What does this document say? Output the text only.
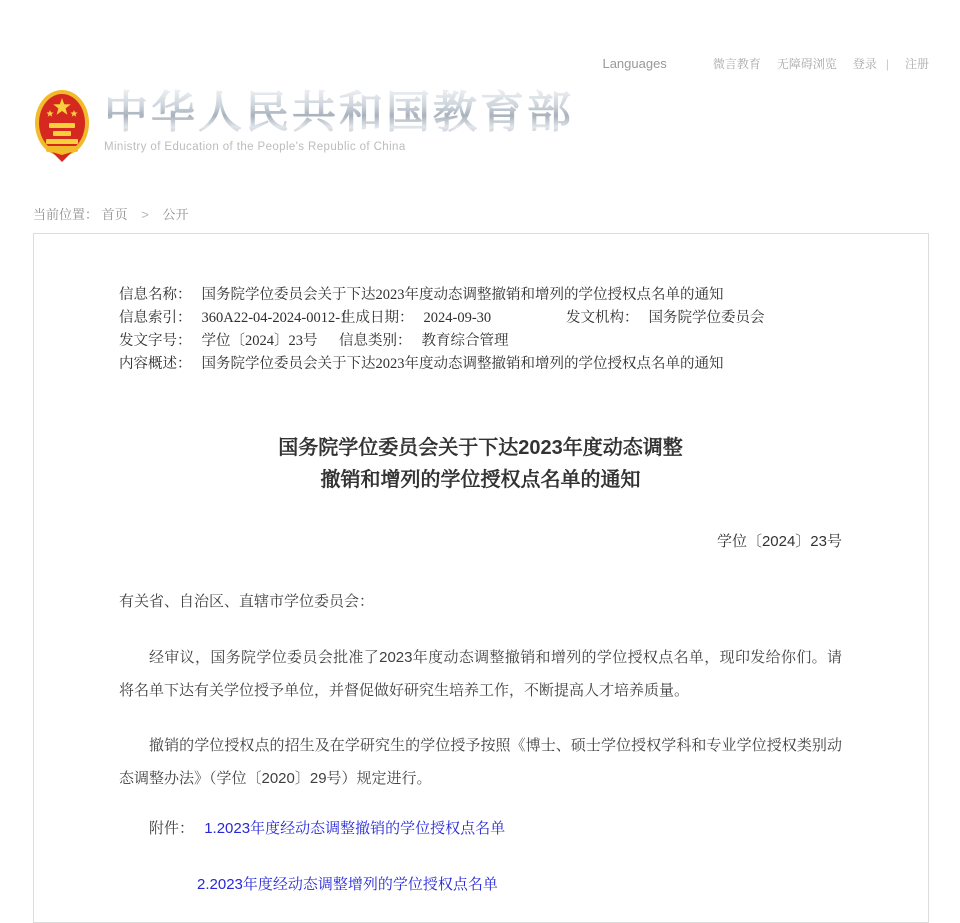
Languages	微言教育 无障碍浏览 登录 | 注册
中华人民共和国教育部
Ministry of Education of the People's Republic of China
当前位置： 首页 > 公开
信息名称： 国务院学位委员会关于下达2023年度动态调整撤销和增列的学位授权点名单的通知
信息索引： 360A22-04-2024-0012-1
生成日期： 2024-09-30	发文机构： 国务院学位委员会
发文字号： 学位〔2024〕23号 信息类别： 教育综合管理
内容概述： 国务院学位委员会关于下达2023年度动态调整撤销和增列的学位授权点名单的通知
国务院学位委员会关于下达2023年度动态调整
撤销和增列的学位授权点名单的通知
学位〔2024〕23号
有关省、自治区、直辖市学位委员会：
经审议，国务院学位委员会批准了2023年度动态调整撤销和增列的学位授权点名单，现印发给你们。请将名单下达有关学位授予单位，并督促做好研究生培养工作，不断提高人才培养质量。
撤销的学位授权点的招生及在学研究生的学位授予按照《博士、硕士学位授权学科和专业学位授权类别动态调整办法》（学位〔2020〕29号）规定进行。
附件： 1.2023年度经动态调整撤销的学位授权点名单
2.2023年度经动态调整增列的学位授权点名单
